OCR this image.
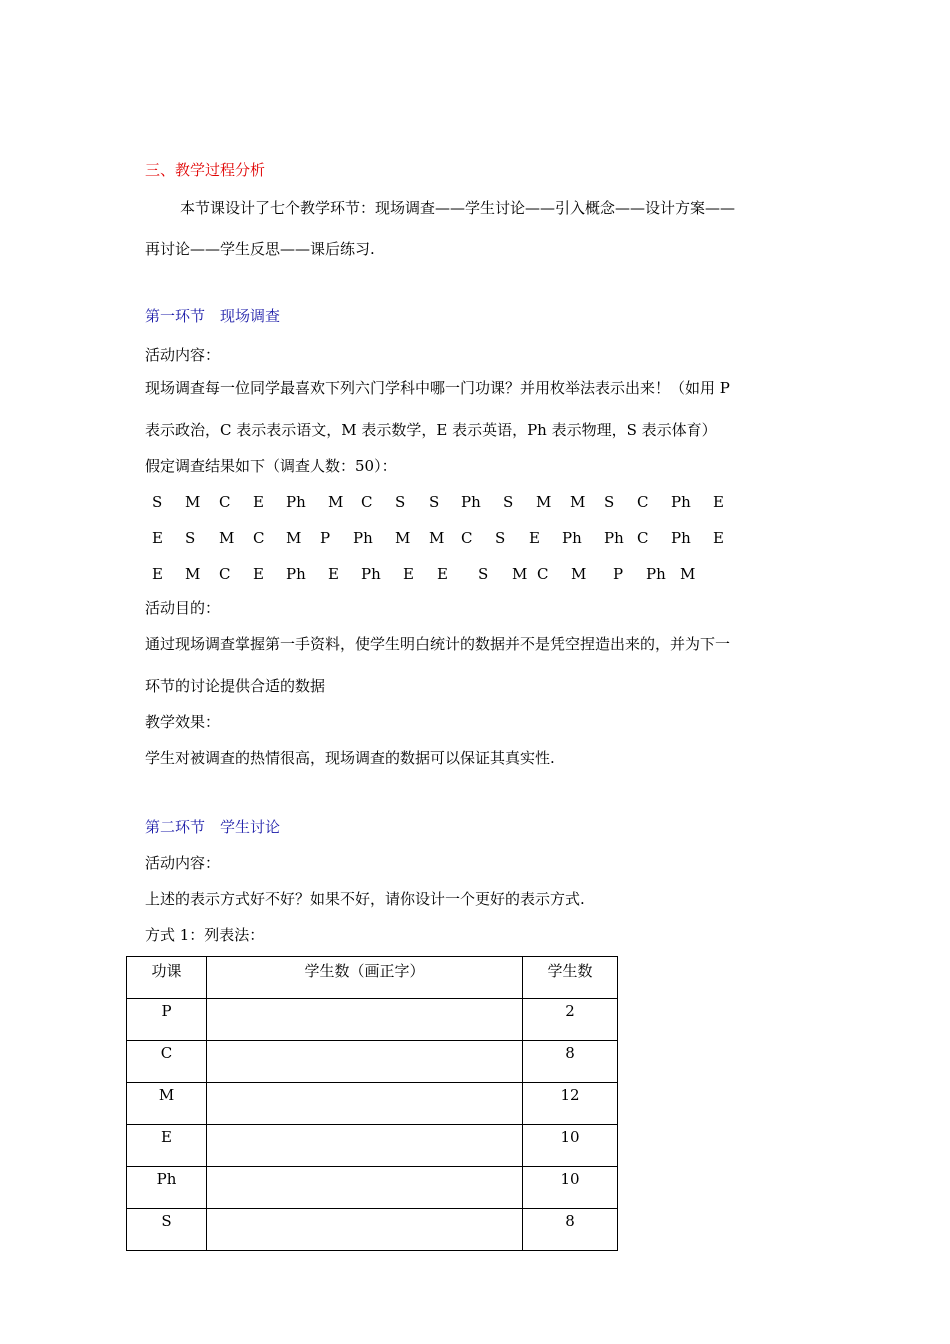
三、教学过程分析
本节课设计了七个教学环节：现场调查——学生讨论——引入概念——设计方案——
再讨论——学生反思——课后练习.
第一环节　现场调查
活动内容：
现场调查每一位同学最喜欢下列六门学科中哪一门功课？并用枚举法表示出来！（如用 P
表示政治，C 表示表示语文，M 表示数学，E 表示英语，Ph 表示物理，S 表示体育）
假定调查结果如下（调查人数：50）：
S M C E Ph M C S S Ph S M M S C Ph E
E S M C M P Ph M M C S E Ph Ph C Ph E
E M C E Ph E Ph E E S M C M P Ph M
活动目的：
通过现场调查掌握第一手资料，使学生明白统计的数据并不是凭空捏造出来的，并为下一
环节的讨论提供合适的数据
教学效果：
学生对被调查的热情很高，现场调查的数据可以保证其真实性.
第二环节　学生讨论
活动内容：
上述的表示方式好不好？如果不好，请你设计一个更好的表示方式.
方式 1：列表法：
功课	学生数（画正字）	学生数
P		2
C		8
M		12
E		10
Ph		10
S		8
